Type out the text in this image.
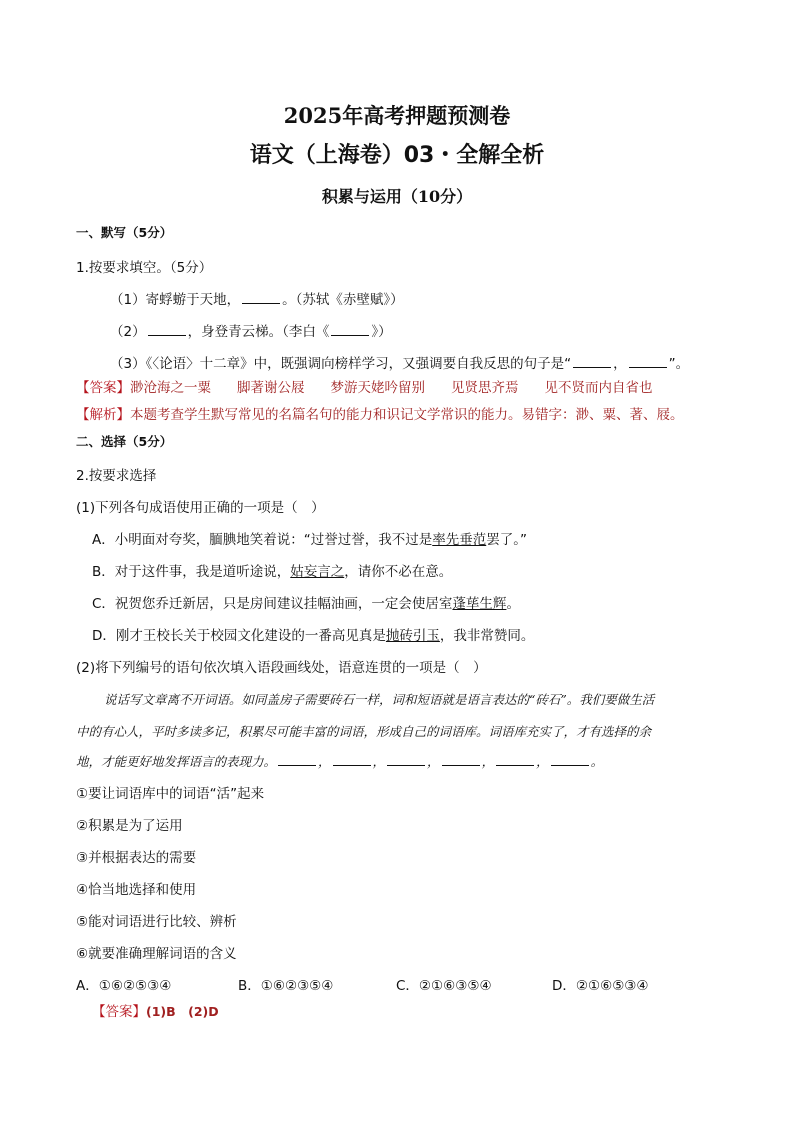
2025年高考押题预测卷
语文（上海卷）03・全解全析
积累与运用（10分）
一、默写（5分）
1.按要求填空。（5分）
（1）寄蜉蝣于天地，	。（苏轼《赤壁赋》）
（2）	，身登青云梯。（李白《	》）
（3）《〈论语〉十二章》中，既强调向榜样学习，又强调要自我反思的句子是“	，	”。
【答案】渺沧海之一粟 脚著谢公屐 梦游天姥吟留别 见贤思齐焉 见不贤而内自省也
【解析】本题考查学生默写常见的名篇名句的能力和识记文学常识的能力。易错字：渺、粟、著、屐。
二、选择（5分）
2.按要求选择
(1)下列各句成语使用正确的一项是（　）
A．小明面对夸奖，腼腆地笑着说：“过誉过誉，我不过是率先垂范罢了。”
B．对于这件事，我是道听途说，姑妄言之，请你不必在意。
C．祝贺您乔迁新居，只是房间建议挂幅油画，一定会使居室蓬荜生辉。
D．刚才王校长关于校园文化建设的一番高见真是抛砖引玉，我非常赞同。
(2)将下列编号的语句依次填入语段画线处，语意连贯的一项是（　）
说话写文章离不开词语。如同盖房子需要砖石一样，词和短语就是语言表达的“砖石”。我们要做生活
中的有心人，平时多读多记，积累尽可能丰富的词语，形成自己的词语库。词语库充实了，才有选择的余
地，才能更好地发挥语言的表现力。	，	，	，	，	，	。
①要让词语库中的词语“活”起来
②积累是为了运用
③并根据表达的需要
④恰当地选择和使用
⑤能对词语进行比较、辨析
⑥就要准确理解词语的含义
A．①⑥②⑤③④	B．①⑥②③⑤④	C．②①⑥③⑤④	D．②①⑥⑤③④
【答案】(1)B　(2)D
